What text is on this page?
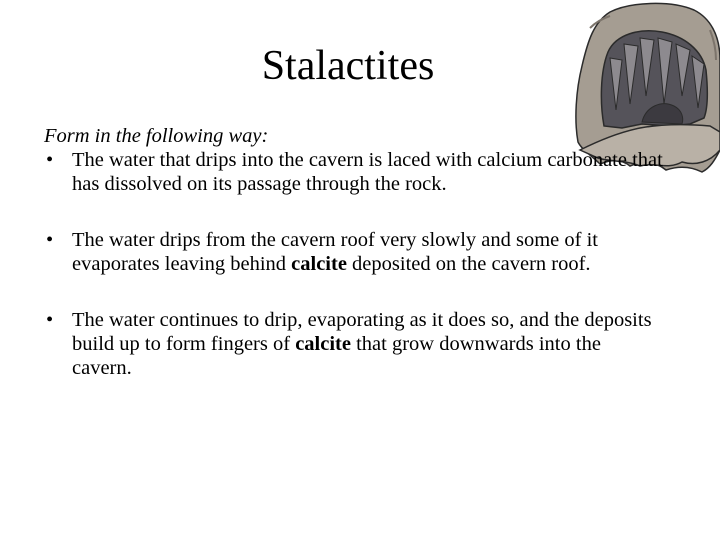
Stalactites

Form in the following way:

• The water that drips into the cavern is laced with calcium carbonate that has dissolved on its passage through the rock.
• The water drips from the cavern roof very slowly and some of it evaporates leaving behind calcite deposited on the cavern roof.
• The water continues to drip, evaporating as it does so, and the deposits build up to form fingers of calcite that grow downwards into the cavern.
